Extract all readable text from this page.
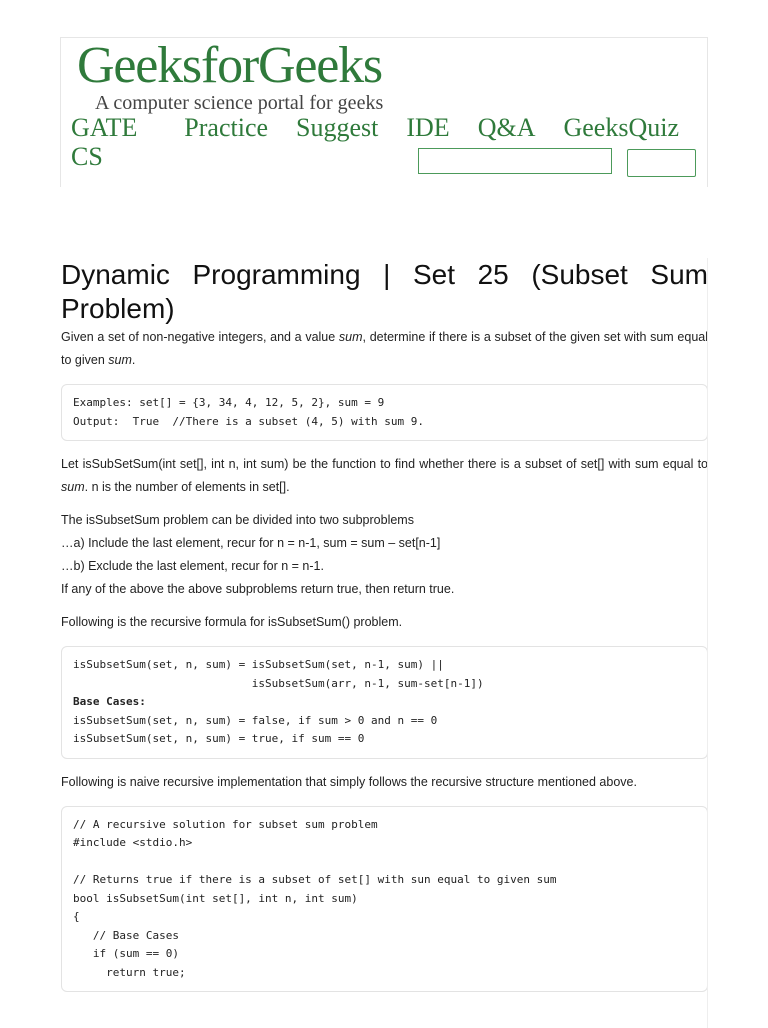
GeeksforGeeks
A computer science portal for geeks
GATE CS
Practice Suggest IDE Q&A GeeksQuiz
Dynamic Programming | Set 25 (Subset Sum Problem)

Given a set of non-negative integers, and a value sum, determine if there is a subset of the given set with sum equal to given sum.

Examples: set[] = {3, 34, 4, 12, 5, 2}, sum = 9
Output:  True  //There is a subset (4, 5) with sum 9.

Let isSubSetSum(int set[], int n, int sum) be the function to find whether there is a subset of set[] with sum equal to sum. n is the number of elements in set[].

The isSubsetSum problem can be divided into two subproblems
…a) Include the last element, recur for n = n-1, sum = sum – set[n-1]
…b) Exclude the last element, recur for n = n-1.
If any of the above the above subproblems return true, then return true.

Following is the recursive formula for isSubsetSum() problem.

isSubsetSum(set, n, sum) = isSubsetSum(set, n-1, sum) ||
isSubsetSum(arr, n-1, sum-set[n-1])
Base Cases:
isSubsetSum(set, n, sum) = false, if sum > 0 and n == 0
isSubsetSum(set, n, sum) = true, if sum == 0

Following is naive recursive implementation that simply follows the recursive structure mentioned above.

// A recursive solution for subset sum problem
#include <stdio.h>
// Returns true if there is a subset of set[] with sun equal to given sum
bool isSubsetSum(int set[], int n, int sum)
{
// Base Cases
if (sum == 0)
return true;
